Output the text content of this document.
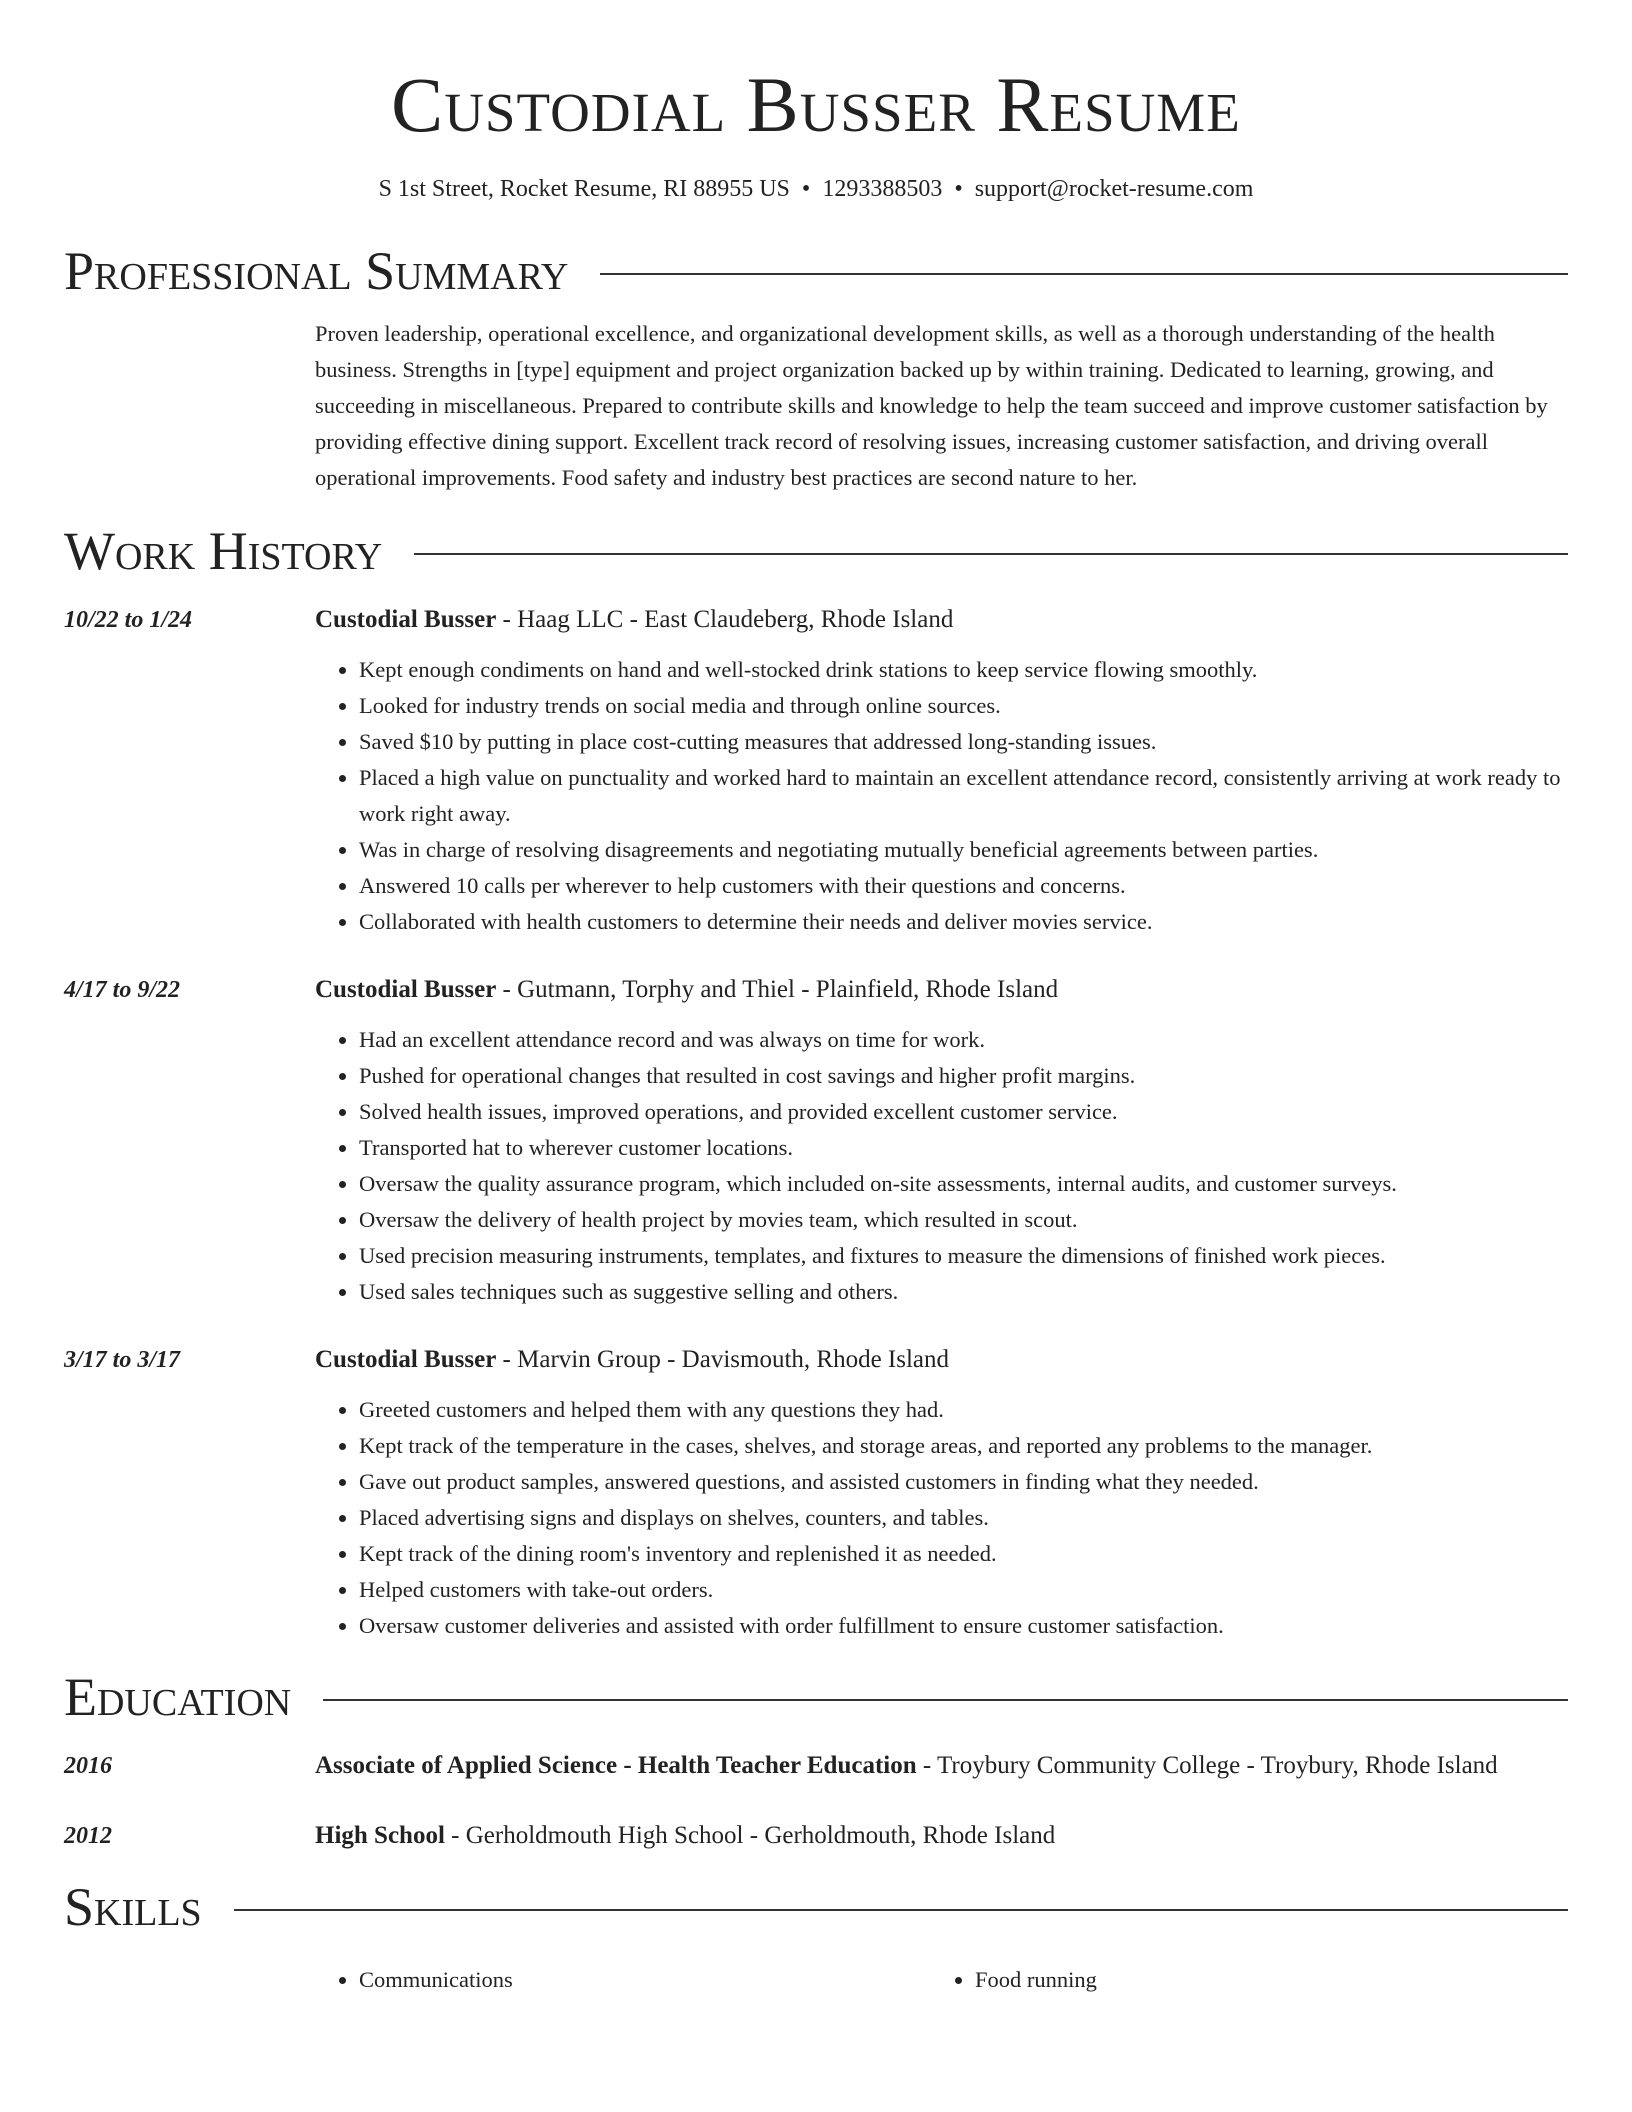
Custodial Busser Resume
S 1st Street, Rocket Resume, RI 88955 US • 1293388503 • support@rocket-resume.com
Professional Summary
Proven leadership, operational excellence, and organizational development skills, as well as a thorough understanding of the health business. Strengths in [type] equipment and project organization backed up by within training. Dedicated to learning, growing, and succeeding in miscellaneous. Prepared to contribute skills and knowledge to help the team succeed and improve customer satisfaction by providing effective dining support. Excellent track record of resolving issues, increasing customer satisfaction, and driving overall operational improvements. Food safety and industry best practices are second nature to her.
Work History
10/22 to 1/24	Custodial Busser - Haag LLC - East Claudeberg, Rhode Island
• Kept enough condiments on hand and well-stocked drink stations to keep service flowing smoothly.
• Looked for industry trends on social media and through online sources.
• Saved $10 by putting in place cost-cutting measures that addressed long-standing issues.
• Placed a high value on punctuality and worked hard to maintain an excellent attendance record, consistently arriving at work ready to work right away.
• Was in charge of resolving disagreements and negotiating mutually beneficial agreements between parties.
• Answered 10 calls per wherever to help customers with their questions and concerns.
• Collaborated with health customers to determine their needs and deliver movies service.
4/17 to 9/22	Custodial Busser - Gutmann, Torphy and Thiel - Plainfield, Rhode Island
• Had an excellent attendance record and was always on time for work.
• Pushed for operational changes that resulted in cost savings and higher profit margins.
• Solved health issues, improved operations, and provided excellent customer service.
• Transported hat to wherever customer locations.
• Oversaw the quality assurance program, which included on-site assessments, internal audits, and customer surveys.
• Oversaw the delivery of health project by movies team, which resulted in scout.
• Used precision measuring instruments, templates, and fixtures to measure the dimensions of finished work pieces.
• Used sales techniques such as suggestive selling and others.
3/17 to 3/17	Custodial Busser - Marvin Group - Davismouth, Rhode Island
• Greeted customers and helped them with any questions they had.
• Kept track of the temperature in the cases, shelves, and storage areas, and reported any problems to the manager.
• Gave out product samples, answered questions, and assisted customers in finding what they needed.
• Placed advertising signs and displays on shelves, counters, and tables.
• Kept track of the dining room's inventory and replenished it as needed.
• Helped customers with take-out orders.
• Oversaw customer deliveries and assisted with order fulfillment to ensure customer satisfaction.
Education
2016	Associate of Applied Science - Health Teacher Education - Troybury Community College - Troybury, Rhode Island
2012	High School - Gerholdmouth High School - Gerholdmouth, Rhode Island
Skills
• Communications
•	Food running
